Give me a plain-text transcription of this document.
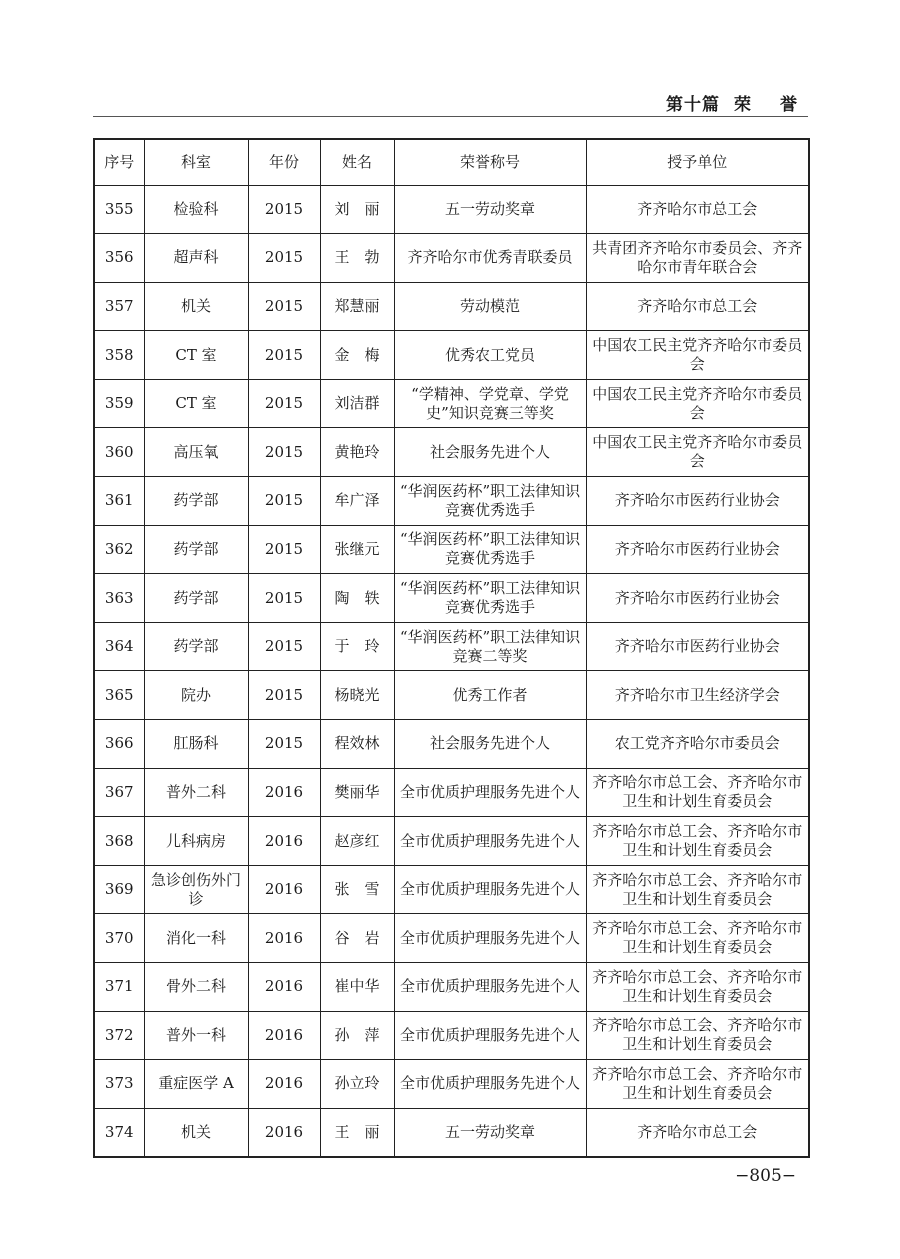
第十篇 荣 誉
序号	科室	年份	姓名	荣誉称号	授予单位
355	检验科	2015	刘　丽	五一劳动奖章	齐齐哈尔市总工会
356	超声科	2015	王　勃	齐齐哈尔市优秀青联委员	共青团齐齐哈尔市委员会、齐齐哈尔市青年联合会
357	机关	2015	郑慧丽	劳动模范	齐齐哈尔市总工会
358	CT 室	2015	金　梅	优秀农工党员	中国农工民主党齐齐哈尔市委员会
359	CT 室	2015	刘洁群	“学精神、学党章、学党史”知识竞赛三等奖	中国农工民主党齐齐哈尔市委员会
360	高压氧	2015	黄艳玲	社会服务先进个人	中国农工民主党齐齐哈尔市委员会
361	药学部	2015	牟广泽	“华润医药杯”职工法律知识竞赛优秀选手	齐齐哈尔市医药行业协会
362	药学部	2015	张继元	“华润医药杯”职工法律知识竞赛优秀选手	齐齐哈尔市医药行业协会
363	药学部	2015	陶　轶	“华润医药杯”职工法律知识竞赛优秀选手	齐齐哈尔市医药行业协会
364	药学部	2015	于　玲	“华润医药杯”职工法律知识竞赛二等奖	齐齐哈尔市医药行业协会
365	院办	2015	杨晓光	优秀工作者	齐齐哈尔市卫生经济学会
366	肛肠科	2015	程效林	社会服务先进个人	农工党齐齐哈尔市委员会
367	普外二科	2016	樊丽华	全市优质护理服务先进个人	齐齐哈尔市总工会、齐齐哈尔市卫生和计划生育委员会
368	儿科病房	2016	赵彦红	全市优质护理服务先进个人	齐齐哈尔市总工会、齐齐哈尔市卫生和计划生育委员会
369	急诊创伤外门诊	2016	张　雪	全市优质护理服务先进个人	齐齐哈尔市总工会、齐齐哈尔市卫生和计划生育委员会
370	消化一科	2016	谷　岩	全市优质护理服务先进个人	齐齐哈尔市总工会、齐齐哈尔市卫生和计划生育委员会
371	骨外二科	2016	崔中华	全市优质护理服务先进个人	齐齐哈尔市总工会、齐齐哈尔市卫生和计划生育委员会
372	普外一科	2016	孙　萍	全市优质护理服务先进个人	齐齐哈尔市总工会、齐齐哈尔市卫生和计划生育委员会
373	重症医学 A	2016	孙立玲	全市优质护理服务先进个人	齐齐哈尔市总工会、齐齐哈尔市卫生和计划生育委员会
374	机关	2016	王　丽	五一劳动奖章	齐齐哈尔市总工会
−805−
